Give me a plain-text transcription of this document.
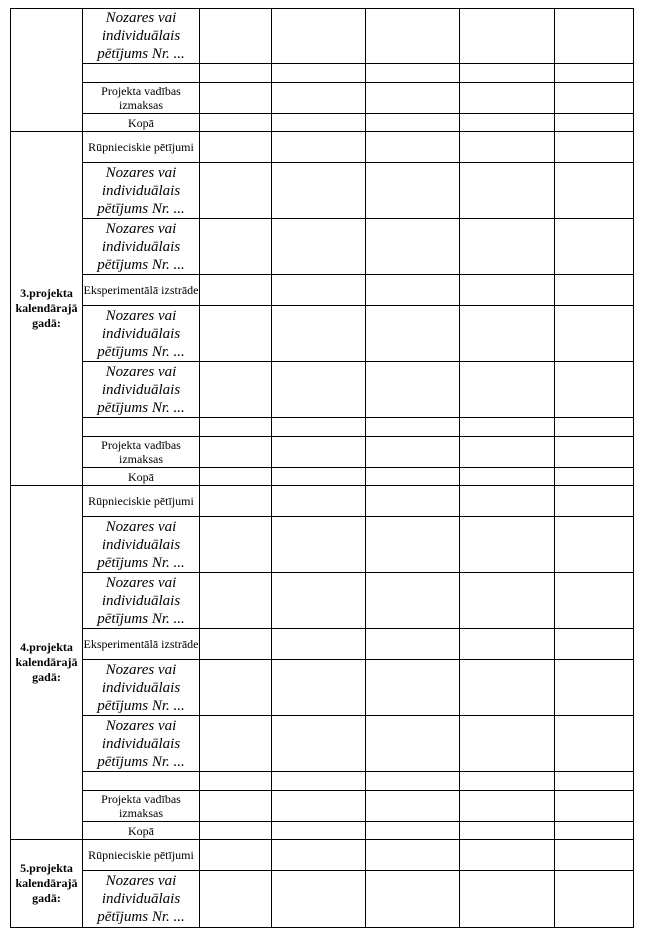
	Nozares vai individuālais pētījums Nr. ...					

	Projekta vadības izmaksas					
	Kopā					
3.projekta kalendārajā gadā:	Rūpnieciskie pētījumi					
	Nozares vai individuālais pētījums Nr. ...					
	Nozares vai individuālais pētījums Nr. ...					
	Eksperimentālā izstrāde					
	Nozares vai individuālais pētījums Nr. ...					
	Nozares vai individuālais pētījums Nr. ...					

	Projekta vadības izmaksas					
	Kopā					
4.projekta kalendārajā gadā:	Rūpnieciskie pētījumi					
	Nozares vai individuālais pētījums Nr. ...					
	Nozares vai individuālais pētījums Nr. ...					
	Eksperimentālā izstrāde					
	Nozares vai individuālais pētījums Nr. ...					
	Nozares vai individuālais pētījums Nr. ...					

	Projekta vadības izmaksas					
	Kopā					
5.projekta kalendārajā gadā:	Rūpnieciskie pētījumi					
	Nozares vai individuālais pētījums Nr. ...					
